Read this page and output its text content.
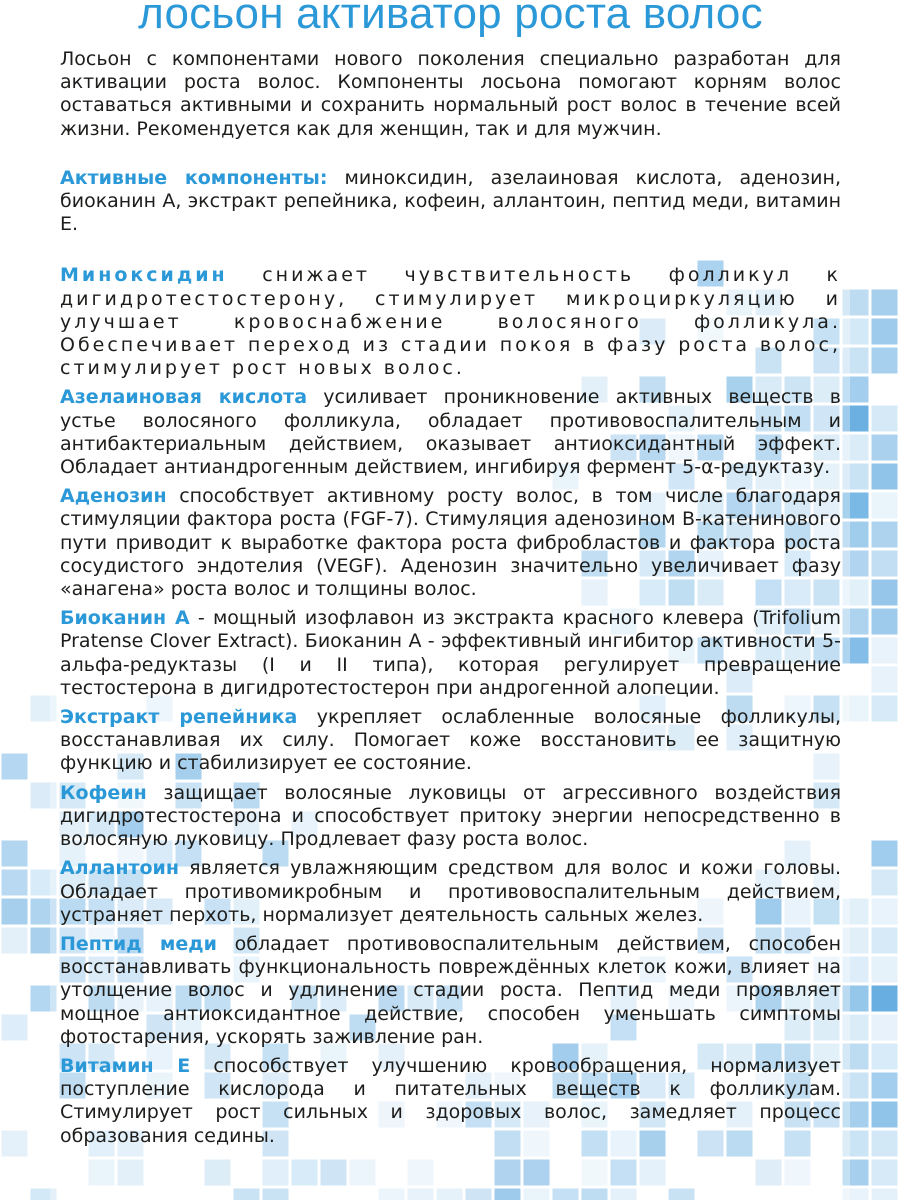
лосьон активатор роста волос

Лосьон с компонентами нового поколения специально разработан для активации роста волос. Компоненты лосьона помогают корням волос оставаться активными и сохранить нормальный рост волос в течение всей жизни. Рекомендуется как для женщин, так и для мужчин.

Активные компоненты: миноксидин, азелаиновая кислота, аденозин, биоканин А, экстракт репейника, кофеин, аллантоин, пептид меди, витамин Е.

Миноксидин снижает чувствительность фолликул к дигидротестостерону, стимулирует микроциркуляцию и улучшает кровоснабжение волосяного фолликула. Обеспечивает переход из стадии покоя в фазу роста волос, стимулирует рост новых волос.

Азелаиновая кислота усиливает проникновение активных веществ в устье волосяного фолликула, обладает противовоспалительным и антибактериальным действием, оказывает антиоксидантный эффект. Обладает антиандрогенным действием, ингибируя фермент 5-α-редуктазу.

Аденозин способствует активному росту волос, в том числе благодаря стимуляции фактора роста (FGF-7). Стимуляция аденозином В-катенинового пути приводит к выработке фактора роста фибробластов и фактора роста сосудистого эндотелия (VEGF). Аденозин значительно увеличивает фазу «анагена» роста волос и толщины волос.

Биоканин А - мощный изофлавон из экстракта красного клевера (Trifolium Pratense Clover Extract). Биоканин А - эффективный ингибитор активности 5-альфа-редуктазы (I и II типа), которая регулирует превращение тестостерона в дигидротестостерон при андрогенной алопеции.

Экстракт репейника укрепляет ослабленные волосяные фолликулы, восстанавливая их силу. Помогает коже восстановить ее защитную функцию и стабилизирует ее состояние.

Кофеин защищает волосяные луковицы от агрессивного воздействия дигидротестостерона и способствует притоку энергии непосредственно в волосяную луковицу. Продлевает фазу роста волос.

Аллантоин является увлажняющим средством для волос и кожи головы. Обладает противомикробным и противовоспалительным действием, устраняет перхоть, нормализует деятельность сальных желез.

Пептид меди обладает противовоспалительным действием, способен восстанавливать функциональность повреждённых клеток кожи, влияет на утолщение волос и удлинение стадии роста. Пептид меди проявляет мощное антиоксидантное действие, способен уменьшать симптомы фотостарения, ускорять заживление ран.

Витамин Е способствует улучшению кровообращения, нормализует поступление кислорода и питательных веществ к фолликулам. Стимулирует рост сильных и здоровых волос, замедляет процесс образования седины.
